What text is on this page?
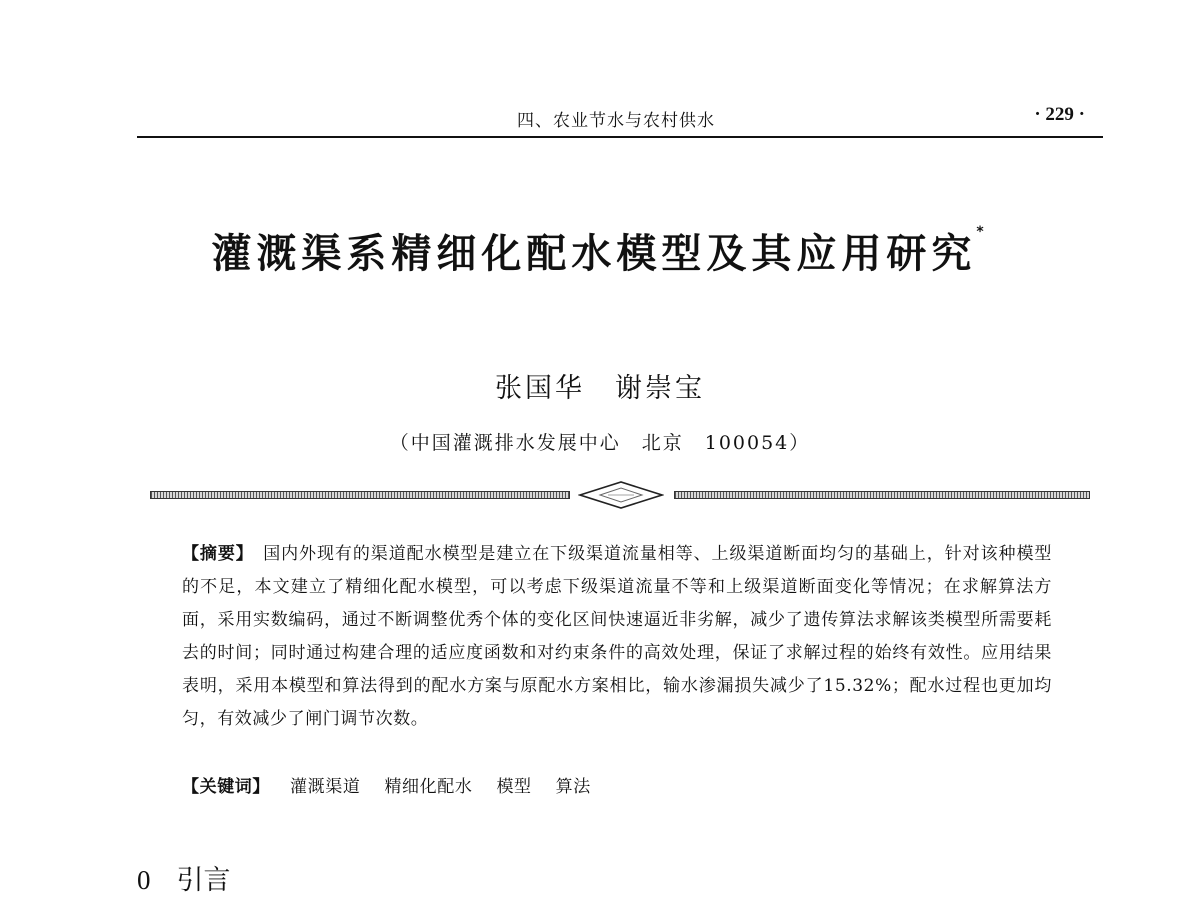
四、农业节水与农村供水	· 229 ·
灌溉渠系精细化配水模型及其应用研究*
张国华　谢崇宝
（中国灌溉排水发展中心　北京　100054）
【摘要】　 国内外现有的渠道配水模型是建立在下级渠道流量相等、上级渠道断面均匀的基础上，针对该种模型的不足，本文建立了精细化配水模型，可以考虑下级渠道流量不等和上级渠道断面变化等情况；在求解算法方面，采用实数编码，通过不断调整优秀个体的变化区间快速逼近非劣解，减少了遗传算法求解该类模型所需要耗去的时间；同时通过构建合理的适应度函数和对约束条件的高效处理，保证了求解过程的始终有效性。应用结果表明，采用本模型和算法得到的配水方案与原配水方案相比，输水渗漏损失减少了15.32%；配水过程也更加均匀，有效减少了闸门调节次数。
【关键词】 灌溉渠道 精细化配水 模型 算法
0 引言
